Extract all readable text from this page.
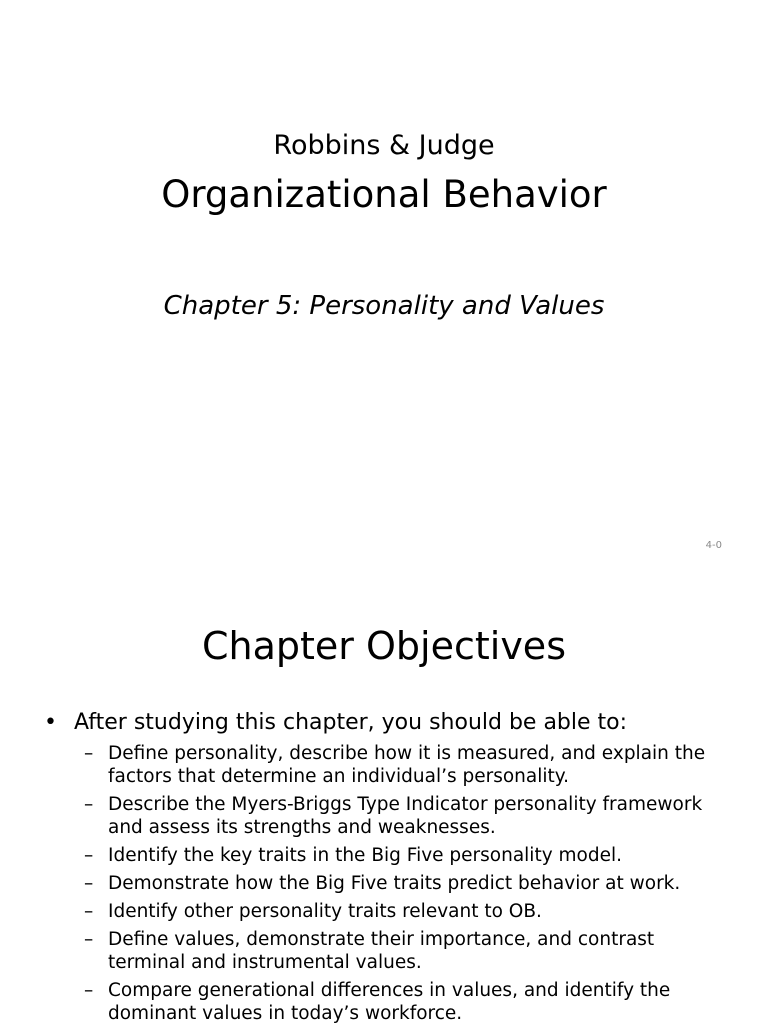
Robbins & Judge
Organizational Behavior
Chapter 5: Personality and Values
4-0
Chapter Objectives
• After studying this chapter, you should be able to:
– Define personality, describe how it is measured, and explain the factors that determine an individual’s personality.
– Describe the Myers-Briggs Type Indicator personality framework and assess its strengths and weaknesses.
– Identify the key traits in the Big Five personality model.
– Demonstrate how the Big Five traits predict behavior at work.
– Identify other personality traits relevant to OB.
– Define values, demonstrate their importance, and contrast terminal and instrumental values.
– Compare generational differences in values, and identify the dominant values in today’s workforce.
